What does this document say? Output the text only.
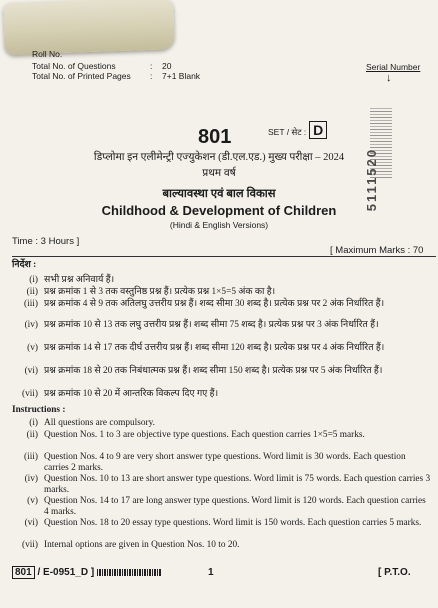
Roll No.
Total No. of Questions	: 20
Total No. of Printed Pages : 7+1 Blank
Serial Number
↓
5111520
801	SET / सेट : D
डिप्लोमा इन एलीमेन्ट्री एज्युकेशन (डी.एल.एड.) मुख्य परीक्षा – 2024
प्रथम वर्ष
बाल्यावस्था एवं बाल विकास
Childhood & Development of Children
(Hindi & English Versions)
Time : 3 Hours ]
[ Maximum Marks : 70
निर्देश :
(i) सभी प्रश्न अनिवार्य हैं।
(ii) प्रश्न क्रमांक 1 से 3 तक वस्तुनिष्ठ प्रश्न हैं। प्रत्येक प्रश्न 1×5=5 अंक का है।
(iii) प्रश्न क्रमांक 4 से 9 तक अतिलघु उत्तरीय प्रश्न हैं। शब्द सीमा 30 शब्द है। प्रत्येक प्रश्न पर 2 अंक निर्धारित हैं।
(iv) प्रश्न क्रमांक 10 से 13 तक लघु उत्तरीय प्रश्न हैं। शब्द सीमा 75 शब्द है। प्रत्येक प्रश्न पर 3 अंक निर्धारित हैं।
(v) प्रश्न क्रमांक 14 से 17 तक दीर्घ उत्तरीय प्रश्न हैं। शब्द सीमा 120 शब्द है। प्रत्येक प्रश्न पर 4 अंक निर्धारित हैं।
(vi) प्रश्न क्रमांक 18 से 20 तक निबंधात्मक प्रश्न हैं। शब्द सीमा 150 शब्द है। प्रत्येक प्रश्न पर 5 अंक निर्धारित हैं।
(vii) प्रश्न क्रमांक 10 से 20 में आन्तरिक विकल्प दिए गए हैं।
Instructions :
(i) All questions are compulsory.
(ii) Question Nos. 1 to 3 are objective type questions. Each question carries 1×5=5 marks.
(iii) Question Nos. 4 to 9 are very short answer type questions. Word limit is 30 words. Each question carries 2 marks.
(iv) Question Nos. 10 to 13 are short answer type questions. Word limit is 75 words. Each question carries 3 marks.
(v) Question Nos. 14 to 17 are long answer type questions. Word limit is 120 words. Each question carries 4 marks.
(vi) Question Nos. 18 to 20 essay type questions. Word limit is 150 words. Each question carries 5 marks.
(vii) Internal options are given in Question Nos. 10 to 20.
801 / E-0951_D ]	1	[ P.T.O.
